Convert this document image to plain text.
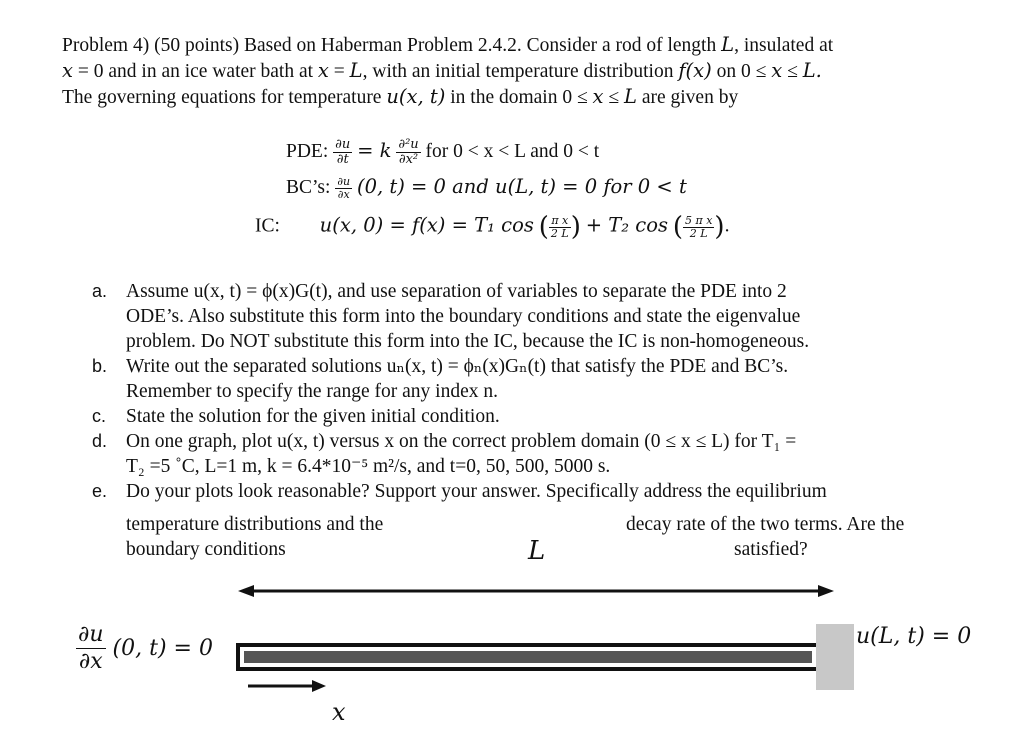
Problem 4) (50 points) Based on Haberman Problem 2.4.2. Consider a rod of length L, insulated at
x = 0 and in an ice water bath at x = L, with an initial temperature distribution f(x) on 0 ≤ x ≤ L.
The governing equations for temperature u(x, t) in the domain 0 ≤ x ≤ L are given by
PDE: $\frac{\partial u}{\partial t} = k \frac{\text{∂²u}}{\text{∂x²}}$ for 0 < x < L and 0 < t
BC’s: $\frac{\partial u}{\partial x} (0$, t) = 0 and u(L, t) = 0 for 0 < t
IC: u(x, 0) = f(x) = T₁ cos ( $\frac{\text{π x}}{2 L}$ ) + T₂ cos ( $\frac{\text{5 π x}}{2 L}$ ).
a. Assume u(x, t) = ϕ(x)G(t), and use separation of variables to separate the PDE into 2
ODE’s. Also substitute this form into the boundary conditions and state the eigenvalue
problem. Do NOT substitute this form into the IC, because the IC is non-homogeneous.
b. Write out the separated solutions uₙ(x, t) = ϕₙ(x)Gₙ(t) that satisfy the PDE and BC’s.
Remember to specify the range for any index n.
c. State the solution for the given initial condition.
d. On one graph, plot u(x, t) versus x on the correct problem domain (0 ≤ x ≤ L) for T₁ =
T₂ =5 ˚C, L=1 m, k = 6.4*10⁻⁵ m²/s, and t=0, 50, 500, 5000 s.
e. Do your plots look reasonable? Support your answer. Specifically address the equilibrium
temperature distributions and the
boundary conditions
decay rate of the two terms. Are the
satisfied?
L
$\frac{\partial u}{\partial x} (0$, t) = 0	u(L, t) = 0
x
